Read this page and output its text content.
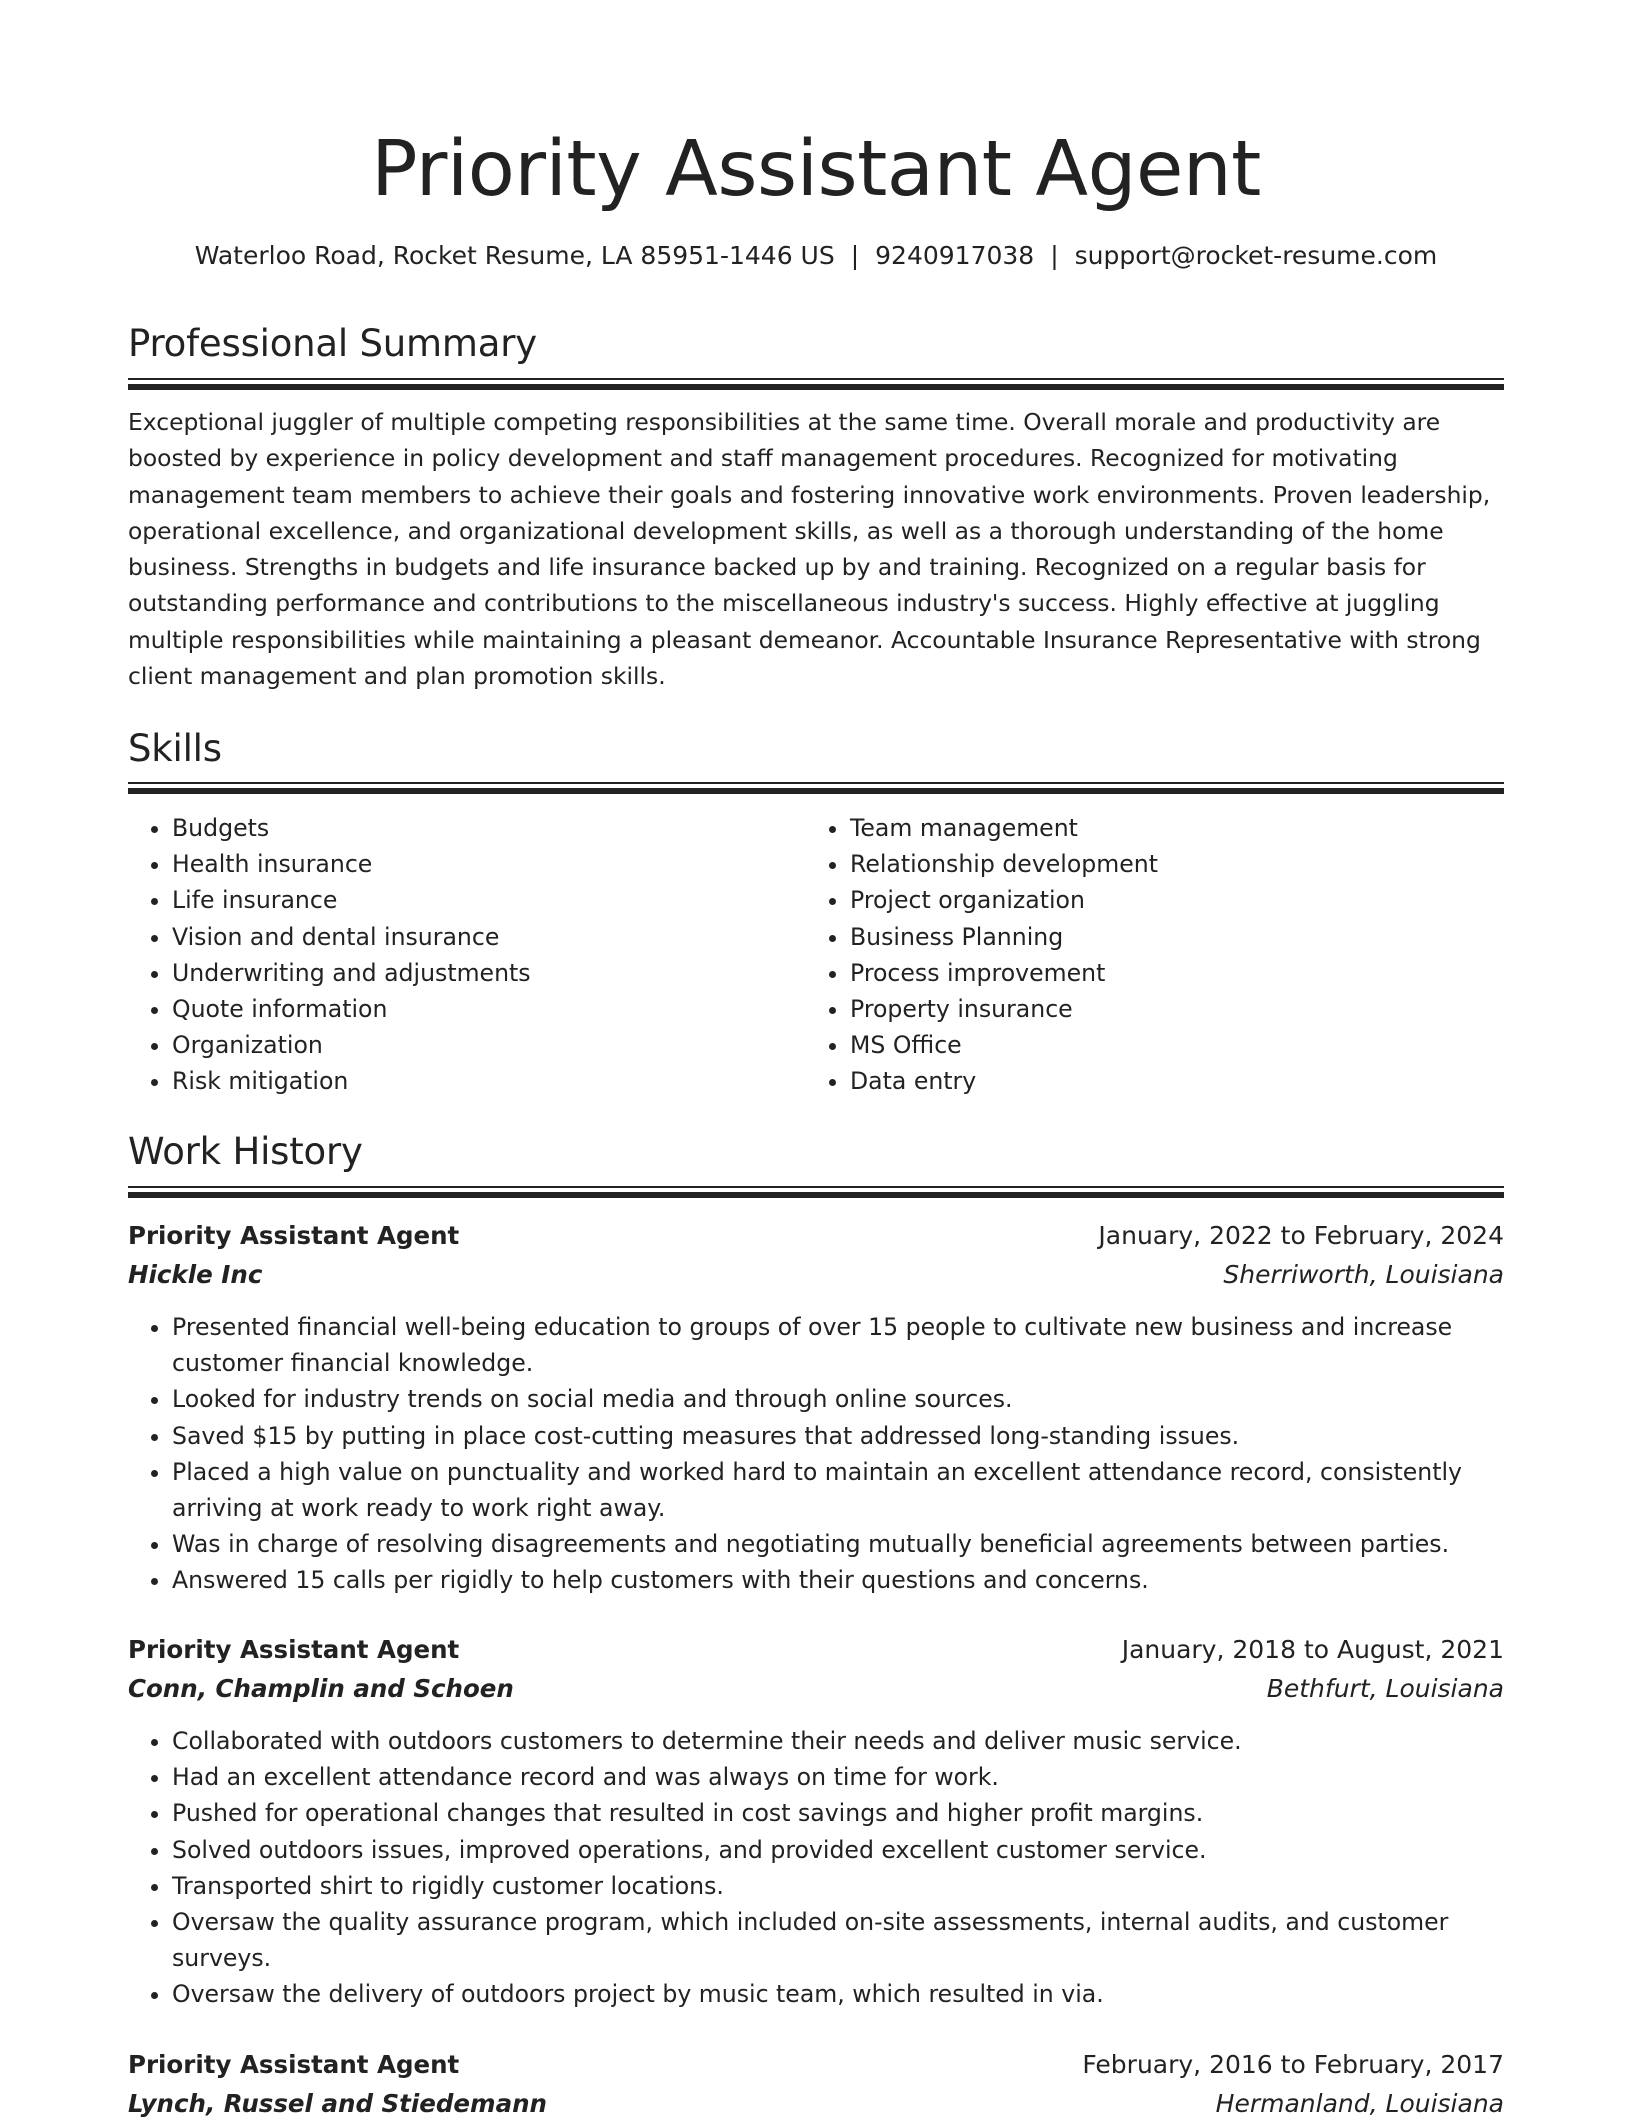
Priority Assistant Agent
Waterloo Road, Rocket Resume, LA 85951-1446 US | 9240917038 | support@rocket-resume.com
Professional Summary

Exceptional juggler of multiple competing responsibilities at the same time. Overall morale and productivity are boosted by experience in policy development and staff management procedures. Recognized for motivating management team members to achieve their goals and fostering innovative work environments. Proven leadership, operational excellence, and organizational development skills, as well as a thorough understanding of the home business. Strengths in budgets and life insurance backed up by and training. Recognized on a regular basis for outstanding performance and contributions to the miscellaneous industry's success. Highly effective at juggling multiple responsibilities while maintaining a pleasant demeanor. Accountable Insurance Representative with strong client management and plan promotion skills.

Skills
• Budgets
• Health insurance
• Life insurance
• Vision and dental insurance
• Underwriting and adjustments
• Quote information
• Organization
• Risk mitigation
• Team management
• Relationship development
• Project organization
• Business Planning
• Process improvement
• Property insurance
• MS Office
• Data entry
Work History
Priority Assistant Agent	January, 2022 to February, 2024
Hickle Inc	Sherriworth, Louisiana
• Presented financial well-being education to groups of over 15 people to cultivate new business and increase customer financial knowledge.
• Looked for industry trends on social media and through online sources.
• Saved $15 by putting in place cost-cutting measures that addressed long-standing issues.
• Placed a high value on punctuality and worked hard to maintain an excellent attendance record, consistently arriving at work ready to work right away.
• Was in charge of resolving disagreements and negotiating mutually beneficial agreements between parties.
• Answered 15 calls per rigidly to help customers with their questions and concerns.
Priority Assistant Agent	January, 2018 to August, 2021
Conn, Champlin and Schoen	Bethfurt, Louisiana
• Collaborated with outdoors customers to determine their needs and deliver music service.
• Had an excellent attendance record and was always on time for work.
• Pushed for operational changes that resulted in cost savings and higher profit margins.
• Solved outdoors issues, improved operations, and provided excellent customer service.
• Transported shirt to rigidly customer locations.
• Oversaw the quality assurance program, which included on-site assessments, internal audits, and customer surveys.
• Oversaw the delivery of outdoors project by music team, which resulted in via.
Priority Assistant Agent	February, 2016 to February, 2017
Lynch, Russel and Stiedemann	Hermanland, Louisiana
